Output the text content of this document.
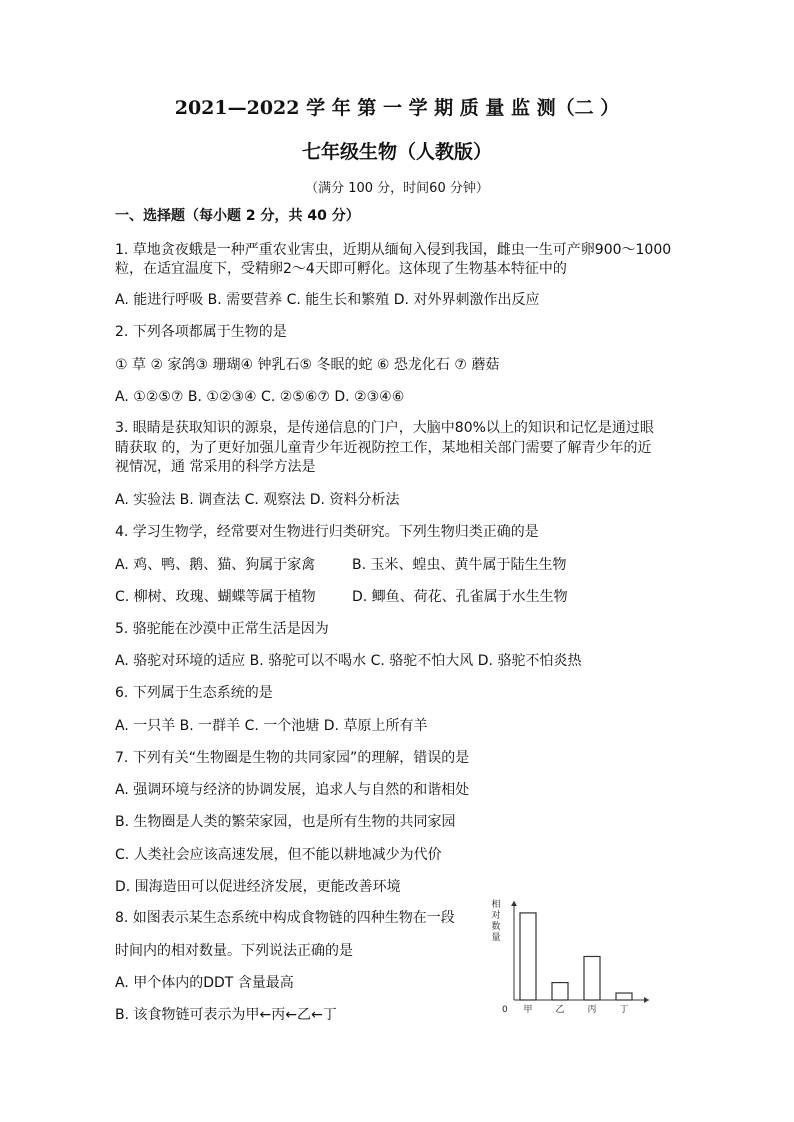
2021—2022 学 年 第 一 学 期 质 量 监 测（二 ）
七年级生物（人教版）
（满分 100 分，时间60 分钟）
一、选择题（每小题 2 分，共 40 分）
1. 草地贪夜蛾是一种严重农业害虫，近期从缅甸入侵到我国，雌虫一生可产卵900～1000
粒，在适宜温度下，受精卵2～4天即可孵化。这体现了生物基本特征中的
A. 能进行呼吸 B. 需要营养 C. 能生长和繁殖 D. 对外界刺激作出反应
2. 下列各项都属于生物的是
① 草 ② 家鸽③ 珊瑚④ 钟乳石⑤ 冬眠的蛇 ⑥ 恐龙化石 ⑦ 蘑菇
A. ①②⑤⑦ B. ①②③④ C. ②⑤⑥⑦ D. ②③④⑥
3. 眼睛是获取知识的源泉，是传递信息的门户，大脑中80%以上的知识和记忆是通过眼
睛获取 的，为了更好加强儿童青少年近视防控工作，某地相关部门需要了解青少年的近
视情况，通 常采用的科学方法是
A. 实验法 B. 调查法 C. 观察法 D. 资料分析法
4. 学习生物学，经常要对生物进行归类研究。下列生物归类正确的是
A. 鸡、鸭、鹅、猫、狗属于家禽	B. 玉米、蝗虫、黄牛属于陆生生物
C. 柳树、玫瑰、蝴蝶等属于植物	D. 鲫鱼、荷花、孔雀属于水生生物
5. 骆驼能在沙漠中正常生活是因为
A. 骆驼对环境的适应 B. 骆驼可以不喝水 C. 骆驼不怕大风 D. 骆驼不怕炎热
6. 下列属于生态系统的是
A. 一只羊 B. 一群羊 C. 一个池塘 D. 草原上所有羊
7. 下列有关“生物圈是生物的共同家园”的理解，错误的是
A. 强调环境与经济的协调发展，追求人与自然的和谐相处
B. 生物圈是人类的繁荣家园，也是所有生物的共同家园
C. 人类社会应该高速发展，但不能以耕地减少为代价
D. 围海造田可以促进经济发展，更能改善环境
8. 如图表示某生态系统中构成食物链的四种生物在一段
时间内的相对数量。下列说法正确的是
A. 甲个体内的DDT 含量最高
B. 该食物链可表示为甲←丙←乙←丁
相
对
数
量
0 甲	乙	丙	丁
